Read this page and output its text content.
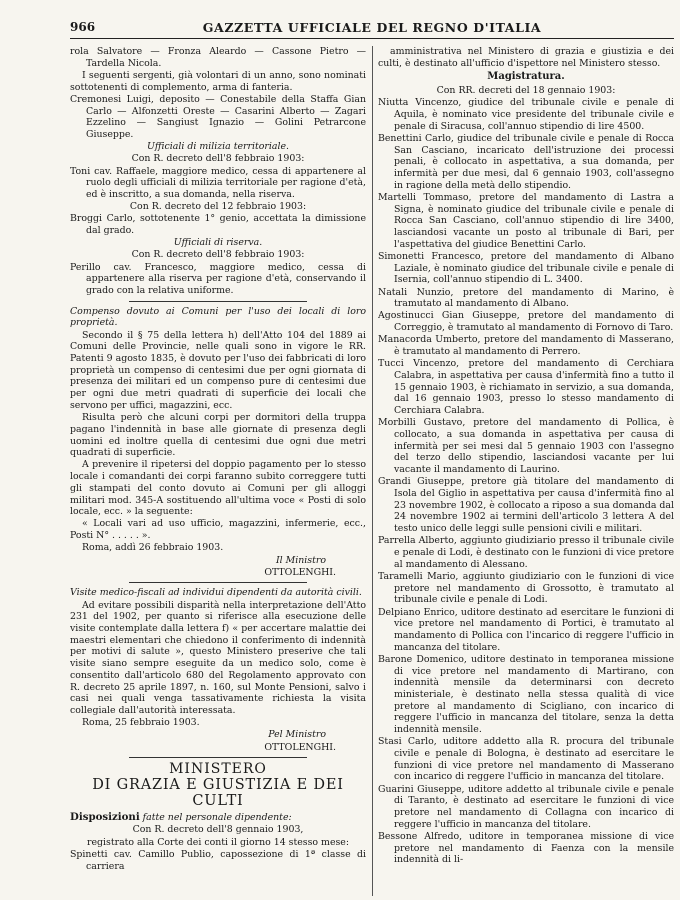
966	GAZZETTA UFFICIALE DEL REGNO D'ITALIA

rola Salvatore — Fronza Aleardo — Cassone Pietro — Tardella Nicola.

I seguenti sergenti, già volontari di un anno, sono nominati sottotenenti di complemento, arma di fanteria.

Cremonesi Luigi, deposito — Conestabile della Staffa Gian Carlo — Alfonzetti Oreste — Casarini Alberto — Zagari Ezzelino — Sangiust Ignazio — Golini Petrarcone Giuseppe.

Ufficiali di milizia territoriale.

Con R. decreto dell'8 febbraio 1903:

Toni cav. Raffaele, maggiore medico, cessa di appartenere al ruolo degli ufficiali di milizia territoriale per ragione d'età, ed è inscritto, a sua domanda, nella riserva.

Con R. decreto del 12 febbraio 1903:

Broggi Carlo, sottotenente 1° genio, accettata la dimissione dal grado.

Ufficiali di riserva.

Con R. decreto dell'8 febbraio 1903:

Perillo cav. Francesco, maggiore medico, cessa di appartenere alla riserva per ragione d'età, conservando il grado con la relativa uniforme.

Compenso dovuto ai Comuni per l'uso dei locali di loro proprietà.

Secondo il § 75 della lettera h) dell'Atto 104 del 1889 ai Comuni delle Provincie, nelle quali sono in vigore le RR. Patenti 9 agosto 1835, è dovuto per l'uso dei fabbricati di loro proprietà un compenso di centesimi due per ogni giornata di presenza dei militari ed un compenso pure di centesimi due per ogni due metri quadrati di superficie dei locali che servono per uffici, magazzini, ecc.

Risulta però che alcuni corpi per dormitori della truppa pagano l'indennità in base alle giornate di presenza degli uomini ed inoltre quella di centesimi due ogni due metri quadrati di superficie.

A prevenire il ripetersi del doppio pagamento per lo stesso locale i comandanti dei corpi faranno subito correggere tutti gli stampati del conto dovuto ai Comuni per gli alloggi militari mod. 345-A sostituendo all'ultima voce « Posti di solo locale, ecc. » la seguente:

« Locali vari ad uso ufficio, magazzini, infermerie, ecc., Posti N° . . . . . ».

Roma, addì 26 febbraio 1903.

Il Ministro

OTTOLENGHI.

Visite medico-fiscali ad individui dipendenti da autorità civili.

Ad evitare possibili disparità nella interpretazione dell'Atto 231 del 1902, per quanto si riferisce alla esecuzione delle visite contemplate dalla lettera f) « per accertare malattie dei maestri elementari che chiedono il conferimento di indennità per motivi di salute », questo Ministero preserive che tali visite siano sempre eseguite da un medico solo, come è consentito dall'articolo 680 del Regolamento approvato con R. decreto 25 aprile 1897, n. 160, sul Monte Pensioni, salvo i casi nei quali venga tassativamente richiesta la visita collegiale dall'autorità interessata.

Roma, 25 febbraio 1903.

Pel Ministro

OTTOLENGHI.

MINISTERO
DI GRAZIA E GIUSTIZIA E DEI CULTI

Disposizioni fatte nel personale dipendente:

Con R. decreto dell'8 gennaio 1903,

registrato alla Corte dei conti il giorno 14 stesso mese:

Spinetti cav. Camillo Publio, capossezione di 1ª classe di carriera

amministrativa nel Ministero di grazia e giustizia e dei culti, è destinato all'ufficio d'ispettore nel Ministero stesso.

Magistratura.

Con RR. decreti del 18 gennaio 1903:

Niutta Vincenzo, giudice del tribunale civile e penale di Aquila, è nominato vice presidente del tribunale civile e penale di Siracusa, coll'annuo stipendio di lire 4500.

Benettini Carlo, giudice del tribunale civile e penale di Rocca San Casciano, incaricato dell'istruzione dei processi penali, è collocato in aspettativa, a sua domanda, per infermità per due mesi, dal 6 gennaio 1903, coll'assegno in ragione della metà dello stipendio.

Martelli Tommaso, pretore del mandamento di Lastra a Signa, è nominato giudice del tribunale civile e penale di Rocca San Casciano, coll'annuo stipendio di lire 3400, lasciandosi vacante un posto al tribunale di Bari, per l'aspettativa del giudice Benettini Carlo.

Simonetti Francesco, pretore del mandamento di Albano Laziale, è nominato giudice del tribunale civile e penale di Isernia, coll'annuo stipendio di L. 3400.

Natali Nunzio, pretore del mandamento di Marino, è tramutato al mandamento di Albano.

Agostinucci Gian Giuseppe, pretore del mandamento di Correggio, è tramutato al mandamento di Fornovo di Taro.

Manacorda Umberto, pretore del mandamento di Masserano, è tramutato al mandamento di Perrero.

Tucci Vincenzo, pretore del mandamento di Cerchiara Calabra, in aspettativa per causa d'infermità fino a tutto il 15 gennaio 1903, è richiamato in servizio, a sua domanda, dal 16 gennaio 1903, presso lo stesso mandamento di Cerchiara Calabra.

Morbilli Gustavo, pretore del mandamento di Pollica, è collocato, a sua domanda in aspettativa per causa di infermità per sei mesi dal 5 gennaio 1903 con l'assegno del terzo dello stipendio, lasciandosi vacante per lui vacante il mandamento di Laurino.

Grandi Giuseppe, pretore già titolare del mandamento di Isola del Giglio in aspettativa per causa d'infermità fino al 23 novembre 1902, è collocato a riposo a sua domanda dal 24 novembre 1902 ai termini dell'articolo 3 lettera A del testo unico delle leggi sulle pensioni civili e militari.

Parrella Alberto, aggiunto giudiziario presso il tribunale civile e penale di Lodi, è destinato con le funzioni di vice pretore al mandamento di Alessano.

Taramelli Mario, aggiunto giudiziario con le funzioni di vice pretore nel mandamento di Grossotto, è tramutato al tribunale civile e penale di Lodi.

Delpiano Enrico, uditore destinato ad esercitare le funzioni di vice pretore nel mandamento di Portici, è tramutato al mandamento di Pollica con l'incarico di reggere l'ufficio in mancanza del titolare.

Barone Domenico, uditore destinato in temporanea missione di vice pretore nel mandamento di Martirano, con indennità mensile da determinarsi con decreto ministeriale, è destinato nella stessa qualità di vice pretore al mandamento di Scigliano, con incarico di reggere l'ufficio in mancanza del titolare, senza la detta indennità mensile.

Stasi Carlo, uditore addetto alla R. procura del tribunale civile e penale di Bologna, è destinato ad esercitare le funzioni di vice pretore nel mandamento di Masserano con incarico di reggere l'ufficio in mancanza del titolare.

Guarini Giuseppe, uditore addetto al tribunale civile e penale di Taranto, è destinato ad esercitare le funzioni di vice pretore nel mandamento di Collagna con incarico di reggere l'ufficio in mancanza del titolare.

Bessone Alfredo, uditore in temporanea missione di vice pretore nel mandamento di Faenza con la mensile indennità di li-
